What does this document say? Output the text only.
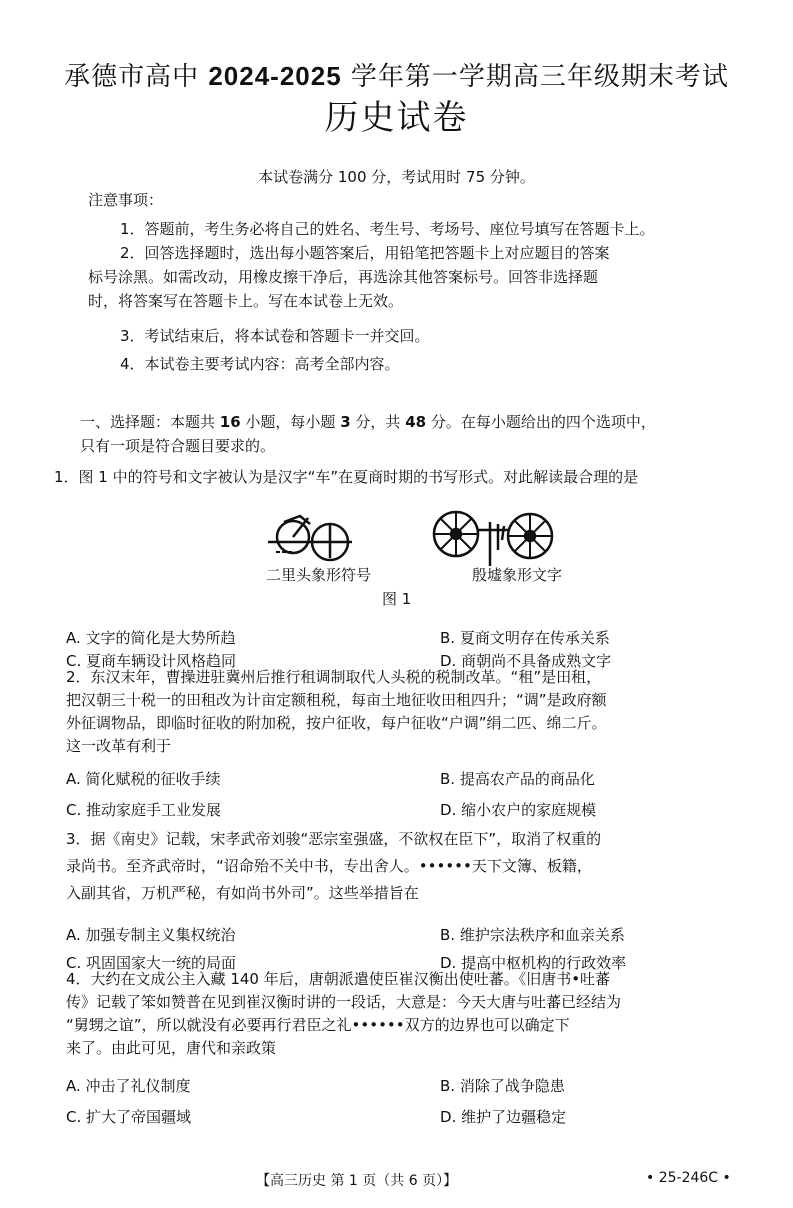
承德市高中 2024-2025 学年第一学期高三年级期末考试
历史试卷
本试卷满分 100 分，考试用时 75 分钟。
注意事项：
1．答题前，考生务必将自己的姓名、考生号、考场号、座位号填写在答题卡上。
2．回答选择题时，选出每小题答案后，用铅笔把答题卡上对应题目的答案
标号涂黑。如需改动，用橡皮擦干净后，再选涂其他答案标号。回答非选择题
时，将答案写在答题卡上。写在本试卷上无效。
3．考试结束后，将本试卷和答题卡一并交回。
4．本试卷主要考试内容：高考全部内容。
一、选择题：本题共 16 小题，每小题 3 分，共 48 分。在每小题给出的四个选项中，
只有一项是符合题目要求的。
1．图 1 中的符号和文字被认为是汉字“车”在夏商时期的书写形式。对此解读最合理的是
二里头象形符号	殷墟象形文字
图 1
A. 文字的简化是大势所趋	B. 夏商文明存在传承关系
C. 夏商车辆设计风格趋同	D. 商朝尚不具备成熟文字
2．东汉末年，曹操进驻冀州后推行租调制取代人头税的税制改革。“租”是田租，
把汉朝三十税一的田租改为计亩定额租税，每亩土地征收田租四升；“调”是政府额
外征调物品，即临时征收的附加税，按户征收，每户征收“户调”绢二匹、绵二斤。
这一改革有利于
A. 简化赋税的征收手续	B. 提高农产品的商品化
C. 推动家庭手工业发展	D. 缩小农户的家庭规模
3．据《南史》记载，宋孝武帝刘骏“恶宗室强盛，不欲权在臣下”，取消了权重的
录尚书。至齐武帝时，“诏命殆不关中书，专出舍人。••••••天下文簿、板籍，
入副其省，万机严秘，有如尚书外司”。这些举措旨在
A. 加强专制主义集权统治	B. 维护宗法秩序和血亲关系
C. 巩固国家大一统的局面	D. 提高中枢机构的行政效率
4．大约在文成公主入藏 140 年后，唐朝派遣使臣崔汉衡出使吐蕃。《旧唐书•吐蕃
传》记载了笨如赞普在见到崔汉衡时讲的一段话，大意是：今天大唐与吐蕃已经结为
“舅甥之谊”，所以就没有必要再行君臣之礼••••••双方的边界也可以确定下
来了。由此可见，唐代和亲政策
A. 冲击了礼仪制度	B. 消除了战争隐患
C. 扩大了帝国疆域	D. 维护了边疆稳定
【高三历史 第 1 页（共 6 页）】	• 25-246C •
